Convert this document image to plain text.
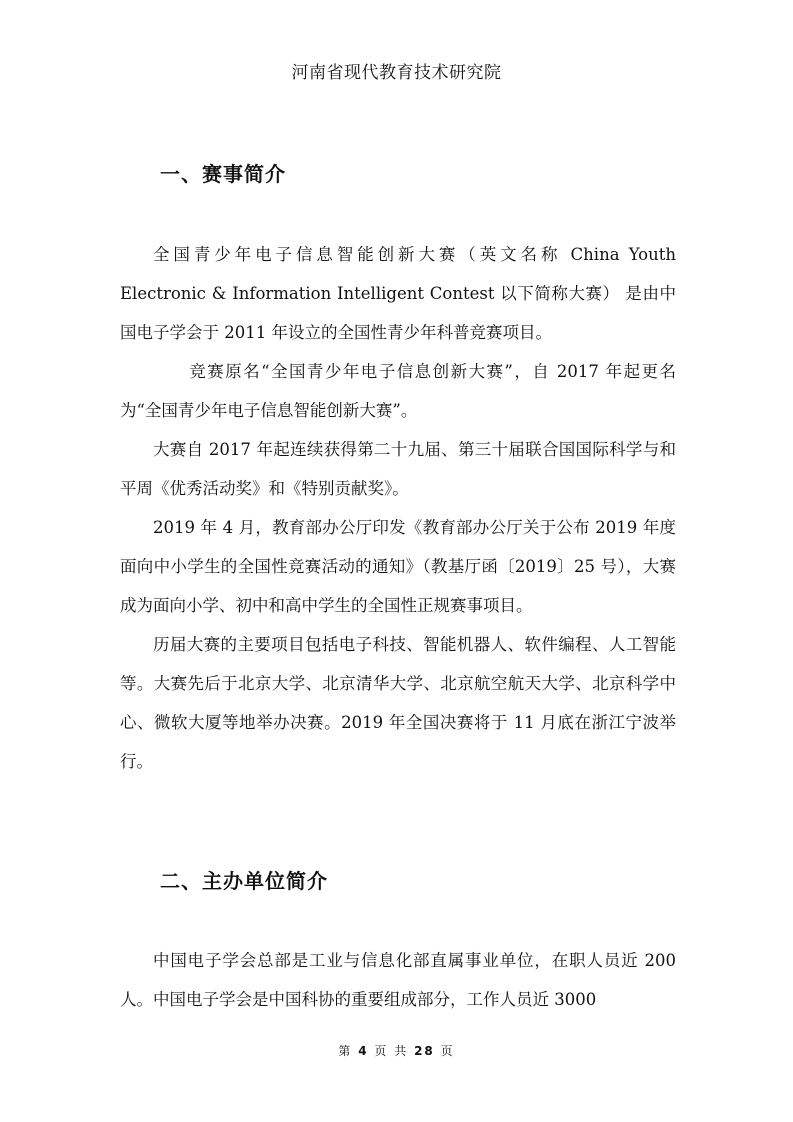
河南省现代教育技术研究院
一、赛事简介

全国青少年电子信息智能创新大赛（英文名称 China Youth Electronic & Information Intelligent Contest 以下简称大赛） 是由中国电子学会于 2011 年设立的全国性青少年科普竞赛项目。

竞赛原名“全国青少年电子信息创新大赛”，自 2017 年起更名为“全国青少年电子信息智能创新大赛”。

大赛自 2017 年起连续获得第二十九届、第三十届联合国国际科学与和平周《优秀活动奖》和《特别贡献奖》。

2019 年 4 月，教育部办公厅印发《教育部办公厅关于公布 2019 年度面向中小学生的全国性竞赛活动的通知》（教基厅函〔2019〕25 号），大赛成为面向小学、初中和高中学生的全国性正规赛事项目。

历届大赛的主要项目包括电子科技、智能机器人、软件编程、人工智能等。大赛先后于北京大学、北京清华大学、北京航空航天大学、北京科学中心、微软大厦等地举办决赛。2019 年全国决赛将于 11 月底在浙江宁波举行。

二、主办单位简介

中国电子学会总部是工业与信息化部直属事业单位，在职人员近 200 人。中国电子学会是中国科协的重要组成部分，工作人员近 3000

第 4 页 共 28 页
